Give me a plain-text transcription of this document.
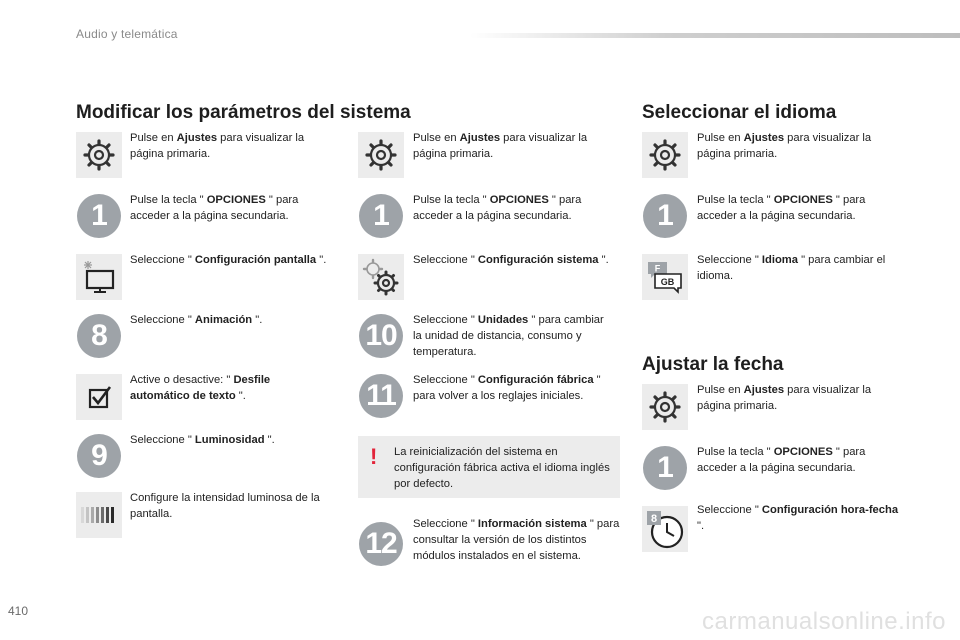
Audio y telemática
Modificar los parámetros del sistema	Seleccionar el idioma
Ajustar la fecha
Pulse en Ajustes para visualizar la página primaria.
1	Pulse la tecla " OPCIONES " para acceder a la página secundaria.
Seleccione " Configuración pantalla ".
8	Seleccione " Animación ".
Active o desactive: " Desfile automático de texto ".
9	Seleccione " Luminosidad ".
Configure la intensidad luminosa de la pantalla.
Pulse en Ajustes para visualizar la página primaria.
1	Pulse la tecla " OPCIONES " para acceder a la página secundaria.
Seleccione " Configuración sistema ".
10	Seleccione " Unidades " para cambiar la unidad de distancia, consumo y temperatura.
11	Seleccione " Configuración fábrica " para volver a los reglajes iniciales.
! La reinicialización del sistema en configuración fábrica activa el idioma inglés por defecto.
12
Seleccione " Información sistema " para consultar la versión de los distintos módulos instalados en el sistema.
Pulse en Ajustes para visualizar la página primaria.
1	Pulse la tecla " OPCIONES " para acceder a la página secundaria.
F
GB
Seleccione " Idioma " para cambiar el idioma.
Pulse en Ajustes para visualizar la página primaria.
1	Pulse la tecla " OPCIONES " para acceder a la página secundaria.
8
Seleccione " Configuración hora-fecha ".
410	carmanualsonline.info
